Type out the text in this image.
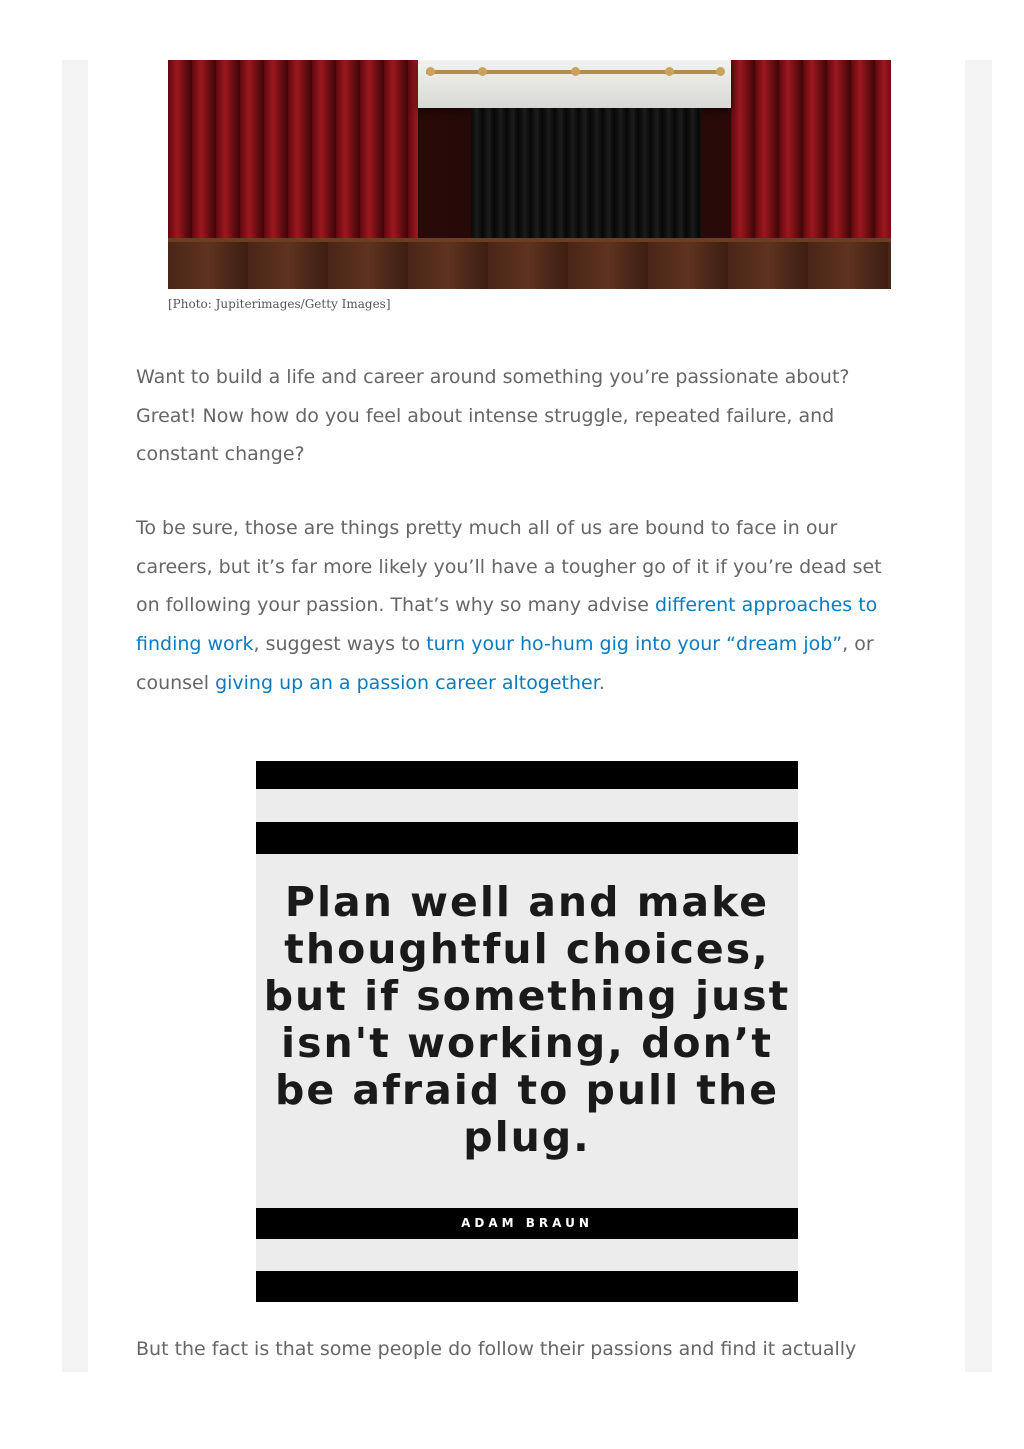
[Photo: Jupiterimages/Getty Images]

Want to build a life and career around something you’re passionate about? Great! Now how do you feel about intense struggle, repeated failure, and constant change?

To be sure, those are things pretty much all of us are bound to face in our careers, but it’s far more likely you’ll have a tougher go of it if you’re dead set on following your passion. That’s why so many advise different approaches to finding work, suggest ways to turn your ho-hum gig into your “dream job”, or counsel giving up an a passion career altogether.

Plan well and make thoughtful choices, but if something just isn't working, don’t be afraid to pull the plug.

ADAM BRAUN

But the fact is that some people do follow their passions and find it actually
